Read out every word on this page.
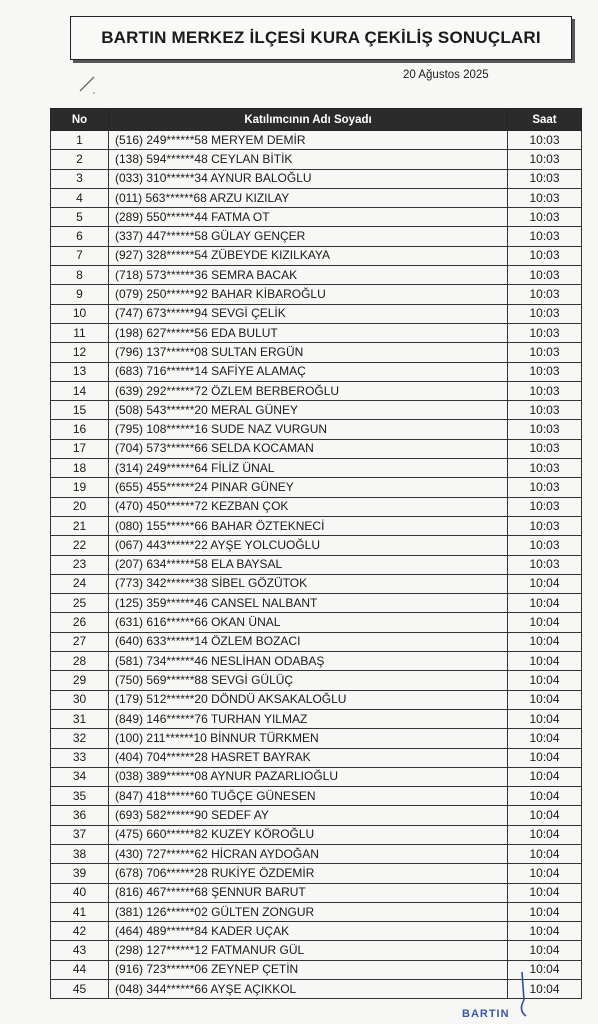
BARTIN MERKEZ İLÇESİ KURA ÇEKİLİŞ SONUÇLARI
20 Ağustos 2025
No	Katılımcının Adı Soyadı	Saat
1	(516) 249******58 MERYEM DEMİR	10:03
2	(138) 594******48 CEYLAN BİTİK	10:03
3	(033) 310******34 AYNUR BALOĞLU	10:03
4	(011) 563******68 ARZU KIZILAY	10:03
5	(289) 550******44 FATMA OT	10:03
6	(337) 447******58 GÜLAY GENÇER	10:03
7	(927) 328******54 ZÜBEYDE KIZILKAYA	10:03
8	(718) 573******36 SEMRA BACAK	10:03
9	(079) 250******92 BAHAR KİBAROĞLU	10:03
10	(747) 673******94 SEVGİ ÇELİK	10:03
11	(198) 627******56 EDA BULUT	10:03
12	(796) 137******08 SULTAN ERGÜN	10:03
13	(683) 716******14 SAFİYE ALAMAÇ	10:03
14	(639) 292******72 ÖZLEM BERBEROĞLU	10:03
15	(508) 543******20 MERAL GÜNEY	10:03
16	(795) 108******16 SUDE NAZ VURGUN	10:03
17	(704) 573******66 SELDA KOCAMAN	10:03
18	(314) 249******64 FİLİZ ÜNAL	10:03
19	(655) 455******24 PINAR GÜNEY	10:03
20	(470) 450******72 KEZBAN ÇOK	10:03
21	(080) 155******66 BAHAR ÖZTEKNECİ	10:03
22	(067) 443******22 AYŞE YOLCUOĞLU	10:03
23	(207) 634******58 ELA BAYSAL	10:03
24	(773) 342******38 SİBEL GÖZÜTOK	10:04
25	(125) 359******46 CANSEL NALBANT	10:04
26	(631) 616******66 OKAN ÜNAL	10:04
27	(640) 633******14 ÖZLEM BOZACI	10:04
28	(581) 734******46 NESLİHAN ODABAŞ	10:04
29	(750) 569******88 SEVGİ GÜLÜÇ	10:04
30	(179) 512******20 DÖNDÜ AKSAKALOĞLU	10:04
31	(849) 146******76 TURHAN YILMAZ	10:04
32	(100) 211******10 BİNNUR TÜRKMEN	10:04
33	(404) 704******28 HASRET BAYRAK	10:04
34	(038) 389******08 AYNUR PAZARLIOĞLU	10:04
35	(847) 418******60 TUĞÇE GÜNESEN	10:04
36	(693) 582******90 SEDEF AY	10:04
37	(475) 660******82 KUZEY KÖROĞLU	10:04
38	(430) 727******62 HİCRAN AYDOĞAN	10:04
39	(678) 706******28 RUKİYE ÖZDEMİR	10:04
40	(816) 467******68 ŞENNUR BARUT	10:04
41	(381) 126******02 GÜLTEN ZONGUR	10:04
42	(464) 489******84 KADER UÇAK	10:04
43	(298) 127******12 FATMANUR GÜL	10:04
44	(916) 723******06 ZEYNEP ÇETİN	10:04
45	(048) 344******66 AYŞE AÇIKKOL	10:04
BARTIN
